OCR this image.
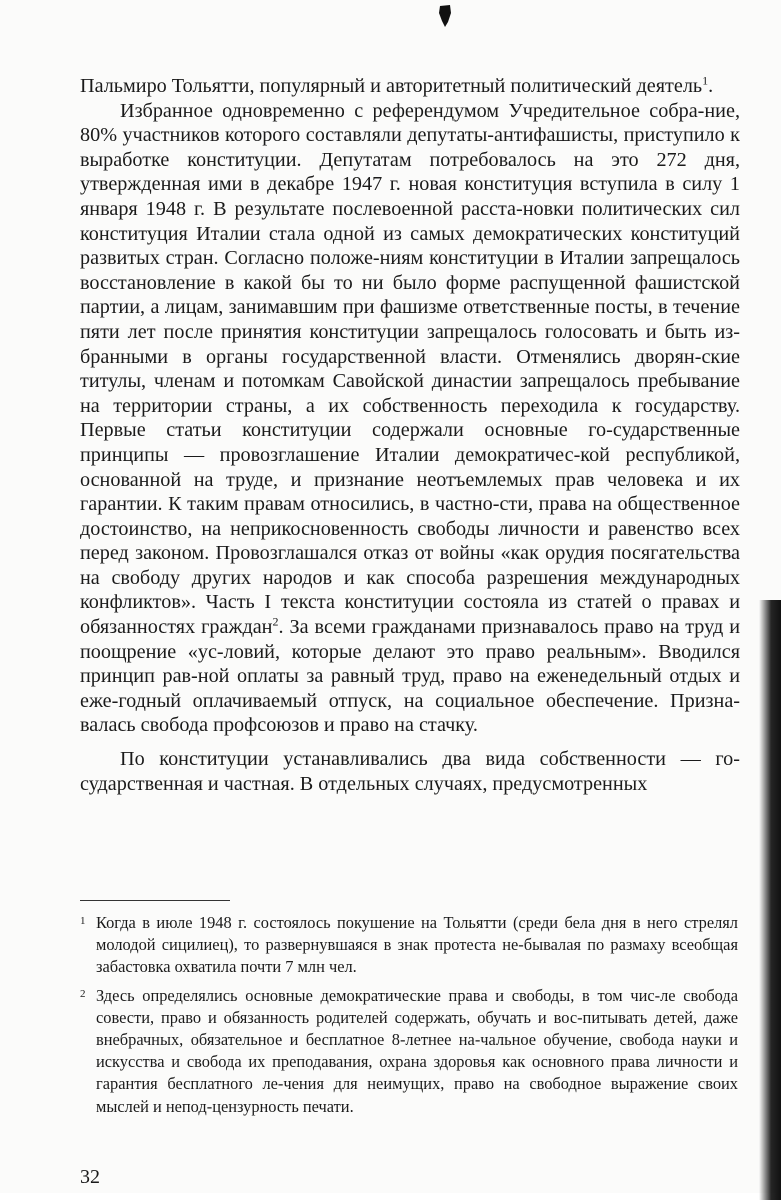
Пальмиро Тольятти, популярный и авторитетный политический деятель$^1$.

Избранное одновременно с референдумом Учредительное собра-ние, 80% участников которого составляли депутаты-антифашисты, приступило к выработке конституции. Депутатам потребовалось на это 272 дня, утвержденная ими в декабре 1947 г. новая конституция вступила в силу 1 января 1948 г. В результате послевоенной расста-новки политических сил конституция Италии стала одной из самых демократических конституций развитых стран. Согласно положе-ниям конституции в Италии запрещалось восстановление в какой бы то ни было форме распущенной фашистской партии, а лицам, занимавшим при фашизме ответственные посты, в течение пяти лет после принятия конституции запрещалось голосовать и быть из-бранными в органы государственной власти. Отменялись дворян-ские титулы, членам и потомкам Савойской династии запрещалось пребывание на территории страны, а их собственность переходила к государству. Первые статьи конституции содержали основные го-сударственные принципы — провозглашение Италии демократичес-кой республикой, основанной на труде, и признание неотъемлемых прав человека и их гарантии. К таким правам относились, в частно-сти, права на общественное достоинство, на неприкосновенность свободы личности и равенство всех перед законом. Провозглашался отказ от войны «как орудия посягательства на свободу других народов и как способа разрешения международных конфликтов». Часть I текста конституции состояла из статей о правах и обязанностях граждан$^2$. За всеми гражданами признавалось право на труд и поощрение «ус-ловий, которые делают это право реальным». Вводился принцип рав-ной оплаты за равный труд, право на еженедельный отдых и еже-годный оплачиваемый отпуск, на социальное обеспечение. Призна-валась свобода профсоюзов и право на стачку.

По конституции устанавливались два вида собственности — го-сударственная и частная. В отдельных случаях, предусмотренных

1 Когда в июле 1948 г. состоялось покушение на Тольятти (среди бела дня в него стрелял молодой сицилиец), то развернувшаяся в знак протеста не-бывалая по размаху всеобщая забастовка охватила почти 7 млн чел.
2 Здесь определялись основные демократические права и свободы, в том чис-ле свобода совести, право и обязанность родителей содержать, обучать и вос-питывать детей, даже внебрачных, обязательное и бесплатное 8-летнее на-чальное обучение, свобода науки и искусства и свобода их преподавания, охрана здоровья как основного права личности и гарантия бесплатного ле-чения для неимущих, право на свободное выражение своих мыслей и непод-цензурность печати.
32
